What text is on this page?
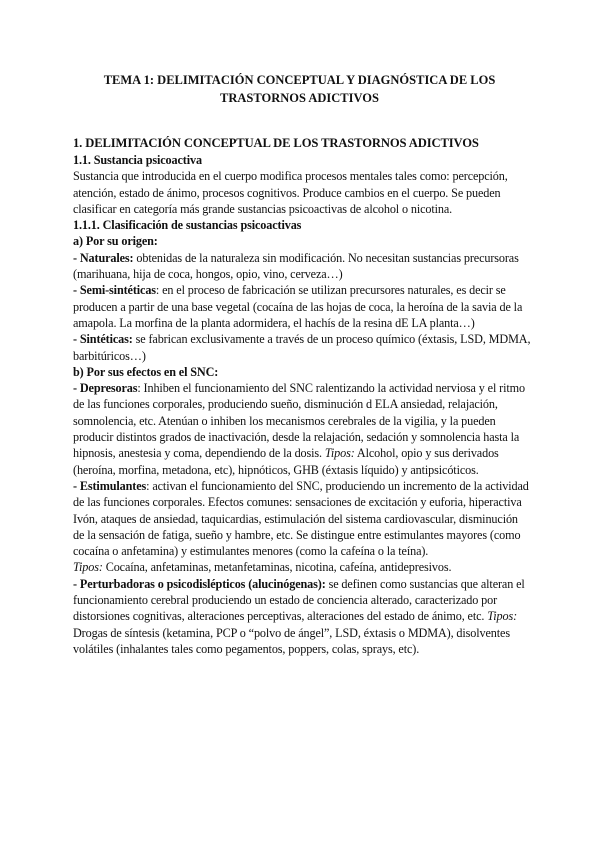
TEMA 1: DELIMITACIÓN CONCEPTUAL Y DIAGNÓSTICA DE LOS
TRASTORNOS ADICTIVOS
1. DELIMITACIÓN CONCEPTUAL DE LOS TRASTORNOS ADICTIVOS
1.1. Sustancia psicoactiva

Sustancia que introducida en el cuerpo modifica procesos mentales tales como: percepción, atención, estado de ánimo, procesos cognitivos. Produce cambios en el cuerpo. Se pueden clasificar en categoría más grande sustancias psicoactivas de alcohol o nicotina.

1.1.1. Clasificación de sustancias psicoactivas
a) Por su origen:

- Naturales: obtenidas de la naturaleza sin modificación. No necesitan sustancias precursoras (marihuana, hija de coca, hongos, opio, vino, cerveza…)

- Semi-sintéticas: en el proceso de fabricación se utilizan precursores naturales, es decir se producen a partir de una base vegetal (cocaína de las hojas de coca, la heroína de la savia de la amapola. La morfina de la planta adormidera, el hachís de la resina dE LA planta…)

- Sintéticas: se fabrican exclusivamente a través de un proceso químico (éxtasis, LSD, MDMA, barbitúricos…)

b) Por sus efectos en el SNC:

- Depresoras: Inhiben el funcionamiento del SNC ralentizando la actividad nerviosa y el ritmo de las funciones corporales, produciendo sueño, disminución d ELA ansiedad, relajación, somnolencia, etc. Atenúan o inhiben los mecanismos cerebrales de la vigilia, y la pueden producir distintos grados de inactivación, desde la relajación, sedación y somnolencia hasta la hipnosis, anestesia y coma, dependiendo de la dosis. Tipos: Alcohol, opio y sus derivados (heroína, morfina, metadona, etc), hipnóticos, GHB (éxtasis líquido) y antipsicóticos.

- Estimulantes: activan el funcionamiento del SNC, produciendo un incremento de la actividad de las funciones corporales. Efectos comunes: sensaciones de excitación y euforia, hiperactiva Ivón, ataques de ansiedad, taquicardias, estimulación del sistema cardiovascular, disminución de la sensación de fatiga, sueño y hambre, etc. Se distingue entre estimulantes mayores (como cocaína o anfetamina) y estimulantes menores (como la cafeína o la teína).
Tipos: Cocaína, anfetaminas, metanfetaminas, nicotina, cafeína, antidepresivos.

- Perturbadoras o psicodislépticos (alucinógenas): se definen como sustancias que alteran el funcionamiento cerebral produciendo un estado de conciencia alterado, caracterizado por distorsiones cognitivas, alteraciones perceptivas, alteraciones del estado de ánimo, etc. Tipos: Drogas de síntesis (ketamina, PCP o “polvo de ángel”, LSD, éxtasis o MDMA), disolventes volátiles (inhalantes tales como pegamentos, poppers, colas, sprays, etc).
